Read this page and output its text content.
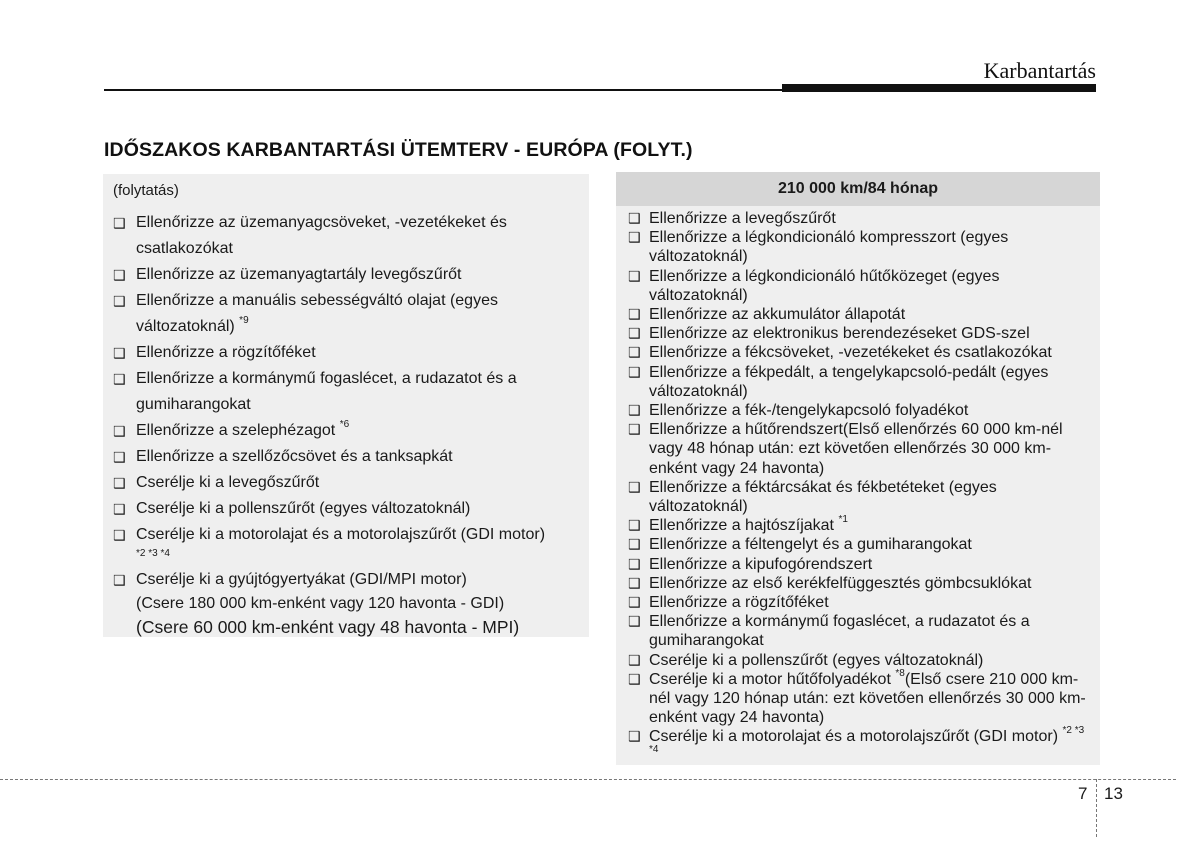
Karbantartás
IDŐSZAKOS KARBANTARTÁSI ÜTEMTERV - EURÓPA (FOLYT.)
(folytatás)
❑ Ellenőrizze az üzemanyagcsöveket, -vezetékeket és csatlakozókat
❑ Ellenőrizze az üzemanyagtartály levegőszűrőt
❑ Ellenőrizze a manuális sebességváltó olajat (egyes változatoknál) $^{*9}$
❑ Ellenőrizze a rögzítőféket
❑ Ellenőrizze a kormánymű fogaslécet, a rudazatot és a gumiharangokat
❑ Ellenőrizze a szelephézagot $^{*6}$
❑ Ellenőrizze a szellőzőcsövet és a tanksapkát
❑ Cserélje ki a levegőszűrőt
❑ Cserélje ki a pollenszűrőt (egyes változatoknál)
❑ Cserélje ki a motorolajat és a motorolajszűrőt (GDI motor)
*2 *3 *4
❑ Cserélje ki a gyújtógyertyákat (GDI/MPI motor)
(Csere 180 000 km-enként vagy 120 havonta - GDI)
(Csere 60 000 km-enként vagy 48 havonta - MPI)
210 000 km/84 hónap
❑ Ellenőrizze a levegőszűrőt
❑ Ellenőrizze a légkondicionáló kompresszort (egyes változatoknál)
❑ Ellenőrizze a légkondicionáló hűtőközeget (egyes változatoknál)
❑ Ellenőrizze az akkumulátor állapotát
❑ Ellenőrizze az elektronikus berendezéseket GDS-szel
❑ Ellenőrizze a fékcsöveket, -vezetékeket és csatlakozókat
❑ Ellenőrizze a fékpedált, a tengelykapcsoló-pedált (egyes változatoknál)
❑ Ellenőrizze a fék-/tengelykapcsoló folyadékot
❑ Ellenőrizze a hűtőrendszert(Első ellenőrzés 60 000 km-nél vagy 48 hónap után: ezt követően ellenőrzés 30 000 km-enként vagy 24 havonta)
❑ Ellenőrizze a féktárcsákat és fékbetéteket (egyes változatoknál)
❑ Ellenőrizze a hajtószíjakat $^{*1}$
❑ Ellenőrizze a féltengelyt és a gumiharangokat
❑ Ellenőrizze a kipufogórendszert
❑ Ellenőrizze az első kerékfelfüggesztés gömbcsuklókat
❑ Ellenőrizze a rögzítőféket
❑ Ellenőrizze a kormánymű fogaslécet, a rudazatot és a gumiharangokat
❑ Cserélje ki a pollenszűrőt (egyes változatoknál)
❑ Cserélje ki a motor hűtőfolyadékot $^{*8}$(Első csere 210 000 km-nél vagy 120 hónap után: ezt követően ellenőrzés 30 000 km-enként vagy 24 havonta)
❑ Cserélje ki a motorolajat és a motorolajszűrőt (GDI motor) $^{*2 *3 *4}$
7 13
